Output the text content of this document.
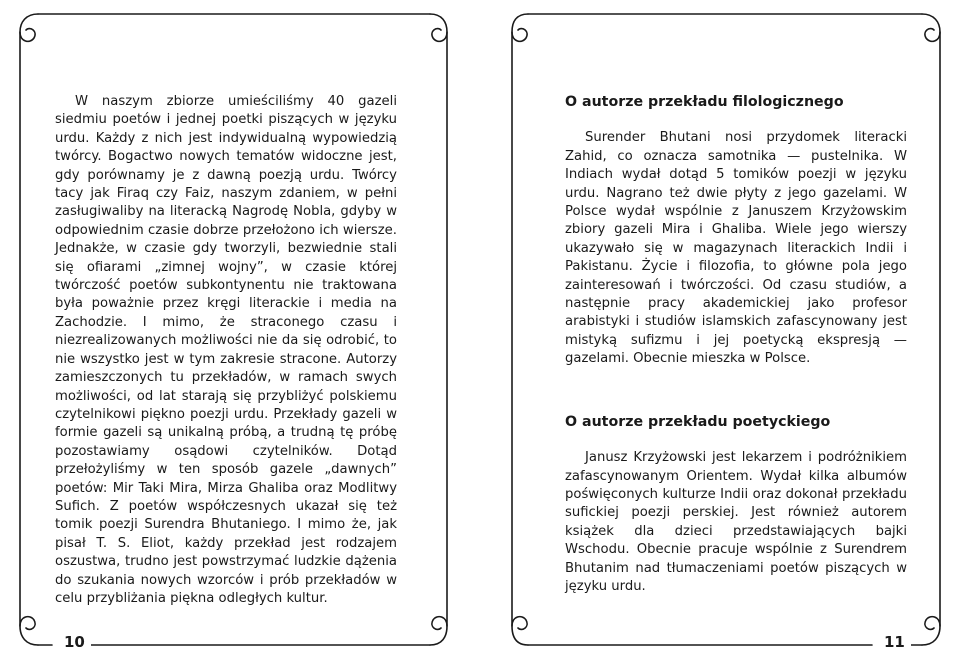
W naszym zbiorze umieściliśmy 40 gazeli siedmiu poetów i jednej poetki piszących w języku urdu. Każdy z nich jest indywidualną wypowiedzią twórcy. Bogactwo nowych tematów widoczne jest, gdy porównamy je z dawną poezją urdu. Twórcy tacy jak Firaq czy Faiz, naszym zdaniem, w pełni zasługiwaliby na literacką Nagrodę Nobla, gdyby w odpowiednim czasie dobrze przełożono ich wiersze. Jednakże, w czasie gdy tworzyli, bezwiednie stali się ofiarami „zimnej wojny”, w czasie której twórczość poetów subkontynentu nie traktowana była poważnie przez kręgi literackie i media na Zachodzie. I mimo, że straconego czasu i niezrealizowanych możliwości nie da się odrobić, to nie wszystko jest w tym zakresie stracone. Autorzy zamieszczonych tu przekładów, w ramach swych możliwości, od lat starają się przybliżyć polskiemu czytelnikowi piękno poezji urdu. Przekłady gazeli w formie gazeli są unikalną próbą, a trudną tę próbę pozostawiamy osądowi czytelników. Dotąd przełożyliśmy w ten sposób gazele „dawnych” poetów: Mir Taki Mira, Mirza Ghaliba oraz Modlitwy Sufich. Z poetów współczesnych ukazał się też tomik poezji Surendra Bhutaniego. I mimo że, jak pisał T. S. Eliot, każdy przekład jest rodzajem oszustwa, trudno jest powstrzymać ludzkie dążenia do szukania nowych wzorców i prób przekładów w celu przybliżania piękna odległych kultur.

10
O autorze przekładu filologicznego

Surender Bhutani nosi przydomek literacki Zahid, co oznacza samotnika — pustelnika. W Indiach wydał dotąd 5 tomików poezji w języku urdu. Nagrano też dwie płyty z jego gazelami. W Polsce wydał wspólnie z Januszem Krzyżowskim zbiory gazeli Mira i Ghaliba. Wiele jego wierszy ukazywało się w magazynach literackich Indii i Pakistanu. Życie i filozofia, to główne pola jego zainteresowań i twórczości. Od czasu studiów, a następnie pracy akademickiej jako profesor arabistyki i studiów islamskich zafascynowany jest mistyką sufizmu i jej poetycką ekspresją — gazelami. Obecnie mieszka w Polsce.

O autorze przekładu poetyckiego

Janusz Krzyżowski jest lekarzem i podróżnikiem zafascynowanym Orientem. Wydał kilka albumów poświęconych kulturze Indii oraz dokonał przekładu sufickiej poezji perskiej. Jest również autorem książek dla dzieci przedstawiających bajki Wschodu. Obecnie pracuje wspólnie z Surendrem Bhutanim nad tłumaczeniami poetów piszących w języku urdu.

11
